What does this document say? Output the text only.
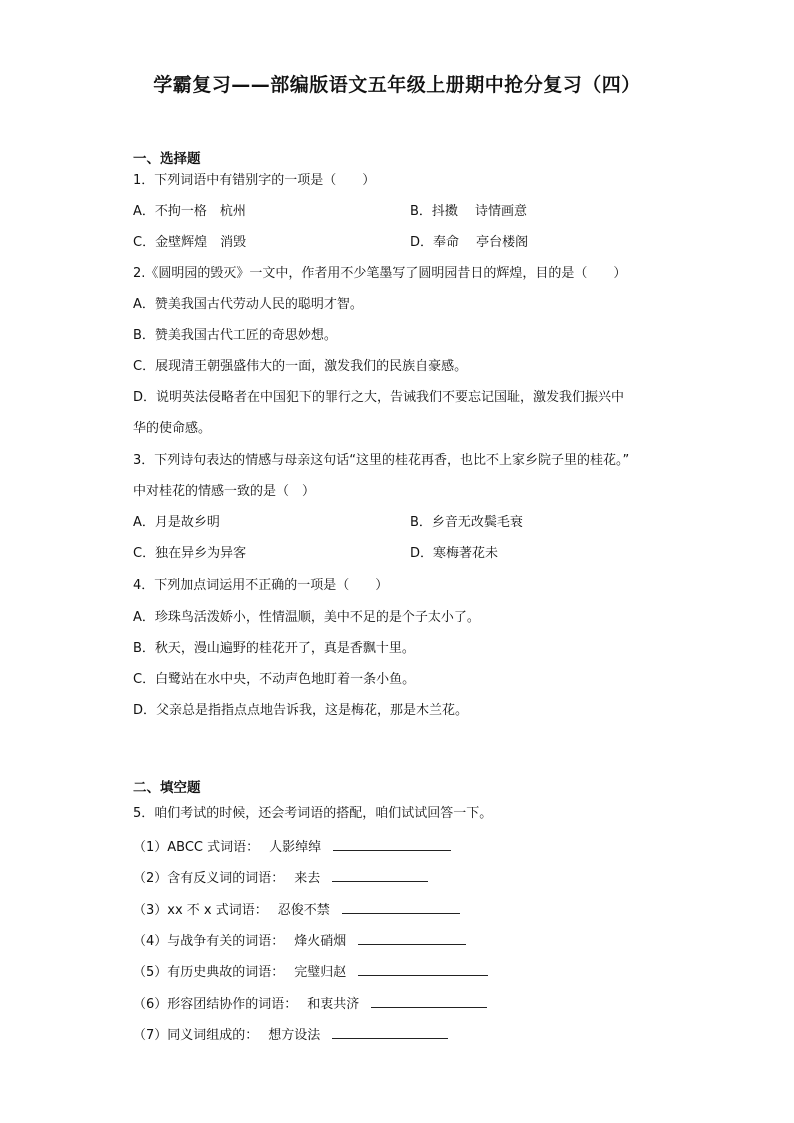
学霸复习——部编版语文五年级上册期中抢分复习（四）
一、选择题
1．下列词语中有错别字的一项是（　　）
A．不拘一格　杭州	B．抖擞　 诗情画意
C．金壁辉煌　消毁	D．奉命　 亭台楼阁
2.《圆明园的毁灭》一文中，作者用不少笔墨写了圆明园昔日的辉煌，目的是（　　）
A．赞美我国古代劳动人民的聪明才智。
B．赞美我国古代工匠的奇思妙想。
C．展现清王朝强盛伟大的一面，激发我们的民族自豪感。
D．说明英法侵略者在中国犯下的罪行之大，告诫我们不要忘记国耻，激发我们振兴中
华的使命感。
3．下列诗句表达的情感与母亲这句话“这里的桂花再香，也比不上家乡院子里的桂花。”
中对桂花的情感一致的是（　）
A．月是故乡明	B．乡音无改鬓毛衰
C．独在异乡为异客	D．寒梅著花未
4．下列加点词运用不正确的一项是（　　）
A．珍珠鸟活泼娇小，性情温顺，美中不足的是个子太小了。
B．秋天，漫山遍野的桂花开了，真是香飘十里。
C．白鹭站在水中央，不动声色地盯着一条小鱼。
D．父亲总是指指点点地告诉我，这是梅花，那是木兰花。
二、填空题
5．咱们考试的时候，还会考词语的搭配，咱们试试回答一下。
（1）ABCC 式词语： 人影绰绰
（2）含有反义词的词语： 来去
（3）xx 不 x 式词语： 忍俊不禁
（4）与战争有关的词语： 烽火硝烟
（5）有历史典故的词语： 完璧归赵
（6）形容团结协作的词语： 和衷共济
（7）同义词组成的： 想方设法
